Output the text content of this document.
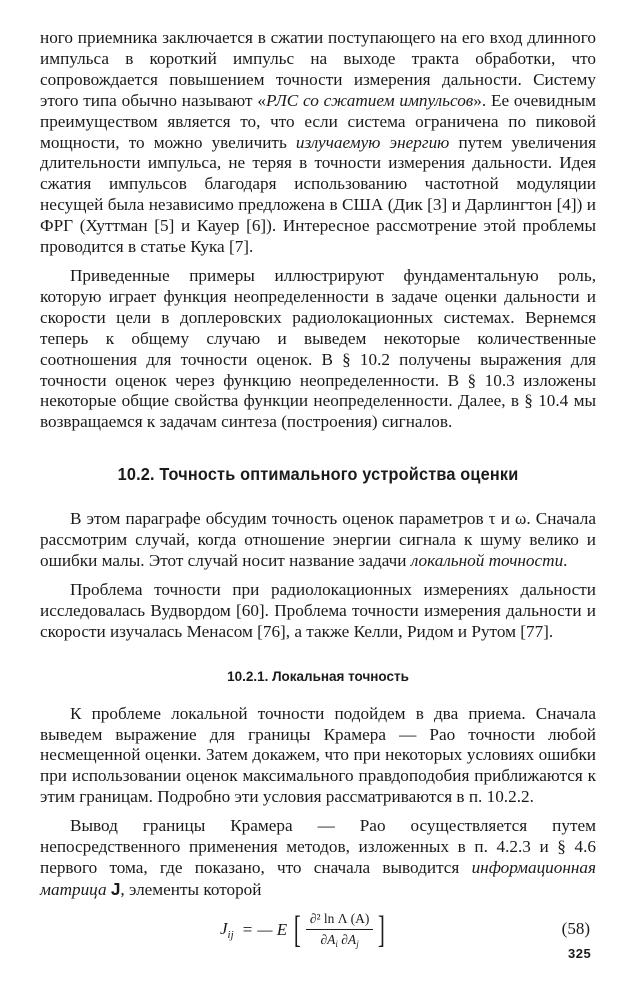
ного приемника заключается в сжатии поступающего на его вход длинного импульса в короткий импульс на выходе тракта обработки, что сопровождается повышением точности измерения дальности. Систему этого типа обычно называют «РЛС со сжатием импульсов». Ее очевидным преимуществом является то, что если система ограничена по пиковой мощности, то можно увеличить излучаемую энергию путем увеличения длительности импульса, не теряя в точности измерения дальности. Идея сжатия импульсов благодаря использованию частотной модуляции несущей была независимо предложена в США (Дик [3] и Дарлингтон [4]) и ФРГ (Хуттман [5] и Кауер [6]). Интересное рассмотрение этой проблемы проводится в статье Кука [7].

Приведенные примеры иллюстрируют фундаментальную роль, которую играет функция неопределенности в задаче оценки дальности и скорости цели в доплеровских радиолокационных системах. Вернемся теперь к общему случаю и выведем некоторые количественные соотношения для точности оценок. В § 10.2 получены выражения для точности оценок через функцию неопределенности. В § 10.3 изложены некоторые общие свойства функции неопределенности. Далее, в § 10.4 мы возвращаемся к задачам синтеза (построения) сигналов.

10.2. Точность оптимального устройства оценки

В этом параграфе обсудим точность оценок параметров τ и ω. Сначала рассмотрим случай, когда отношение энергии сигнала к шуму велико и ошибки малы. Этот случай носит название задачи локальной точности.

Проблема точности при радиолокационных измерениях дальности исследовалась Вудвордом [60]. Проблема точности измерения дальности и скорости изучалась Менасом [76], а также Келли, Ридом и Рутом [77].

10.2.1. Локальная точность

К проблеме локальной точности подойдем в два приема. Сначала выведем выражение для границы Крамера — Рао точности любой несмещенной оценки. Затем докажем, что при некоторых условиях ошибки при использовании оценок максимального правдоподобия приближаются к этим границам. Подробно эти условия рассматриваются в п. 10.2.2.

Вывод границы Крамера — Рао осуществляется путем непосредственного применения методов, изложенных в п. 4.2.3 и § 4.6 первого тома, где показано, что сначала выводится информационная матрица J, элементы которой

$J_{ij}$ = — E [ $\frac{\text{∂² ln Λ (A)}}{\partial A_i \partial A_j}$ ]	(58)
325
